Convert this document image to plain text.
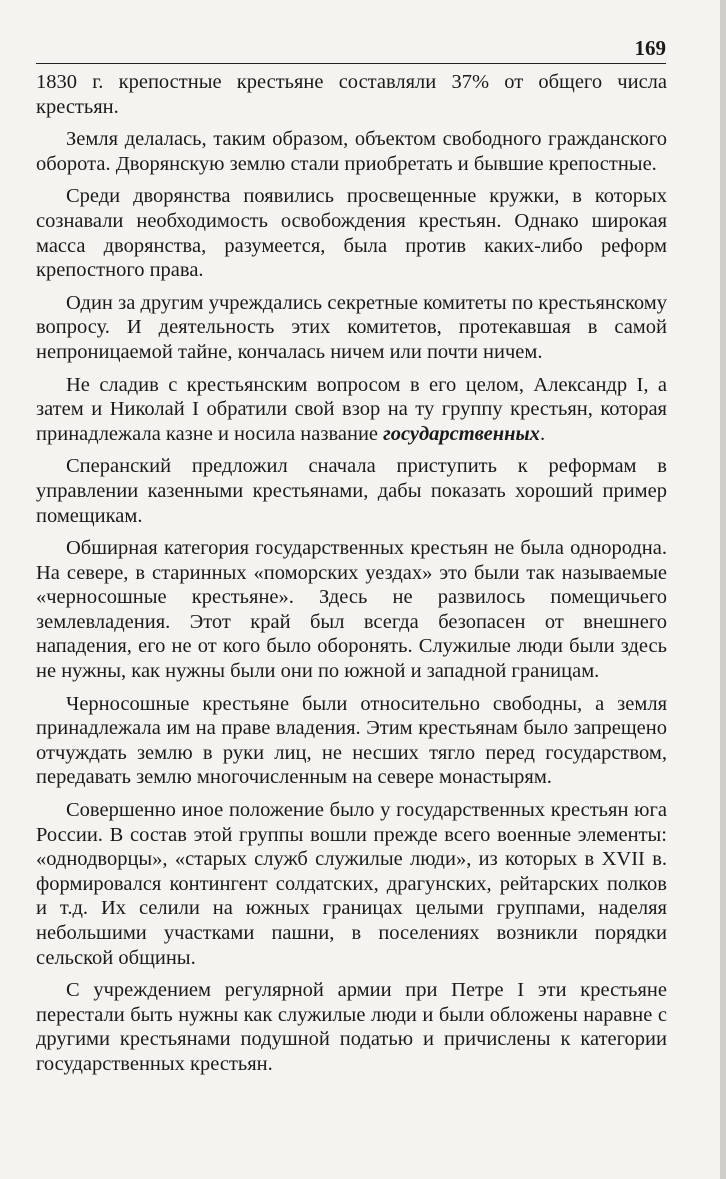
169

1830 г. крепостные крестьяне составляли 37% от общего числа крестьян.

Земля делалась, таким образом, объектом свободного гражданского оборота. Дворянскую землю стали приобретать и бывшие крепостные.

Среди дворянства появились просвещенные кружки, в которых сознавали необходимость освобождения крестьян. Однако широкая масса дворянства, разумеется, была против каких-либо реформ крепостного права.

Один за другим учреждались секретные комитеты по крестьянскому вопросу. И деятельность этих комитетов, протекавшая в самой непроницаемой тайне, кончалась ничем или почти ничем.

Не сладив с крестьянским вопросом в его целом, Александр I, а затем и Николай I обратили свой взор на ту группу крестьян, которая принадлежала казне и носила название государственных.

Сперанский предложил сначала приступить к реформам в управлении казенными крестьянами, дабы показать хороший пример помещикам.

Обширная категория государственных крестьян не была однородна. На севере, в старинных «поморских уездах» это были так называемые «черносошные крестьяне». Здесь не развилось помещичьего землевладения. Этот край был всегда безопасен от внешнего нападения, его не от кого было оборонять. Служилые люди были здесь не нужны, как нужны были они по южной и западной границам.

Черносошные крестьяне были относительно свободны, а земля принадлежала им на праве владения. Этим крестьянам было запрещено отчуждать землю в руки лиц, не несших тягло перед государством, передавать землю многочисленным на севере монастырям.

Совершенно иное положение было у государственных крестьян юга России. В состав этой группы вошли прежде всего военные элементы: «однодворцы», «старых служб служилые люди», из которых в XVII в. формировался контингент солдатских, драгунских, рейтарских полков и т.д. Их селили на южных границах целыми группами, наделяя небольшими участками пашни, в поселениях возникли порядки сельской общины.

С учреждением регулярной армии при Петре I эти крестьяне перестали быть нужны как служилые люди и были обложены наравне с другими крестьянами подушной податью и причислены к категории государственных крестьян.
